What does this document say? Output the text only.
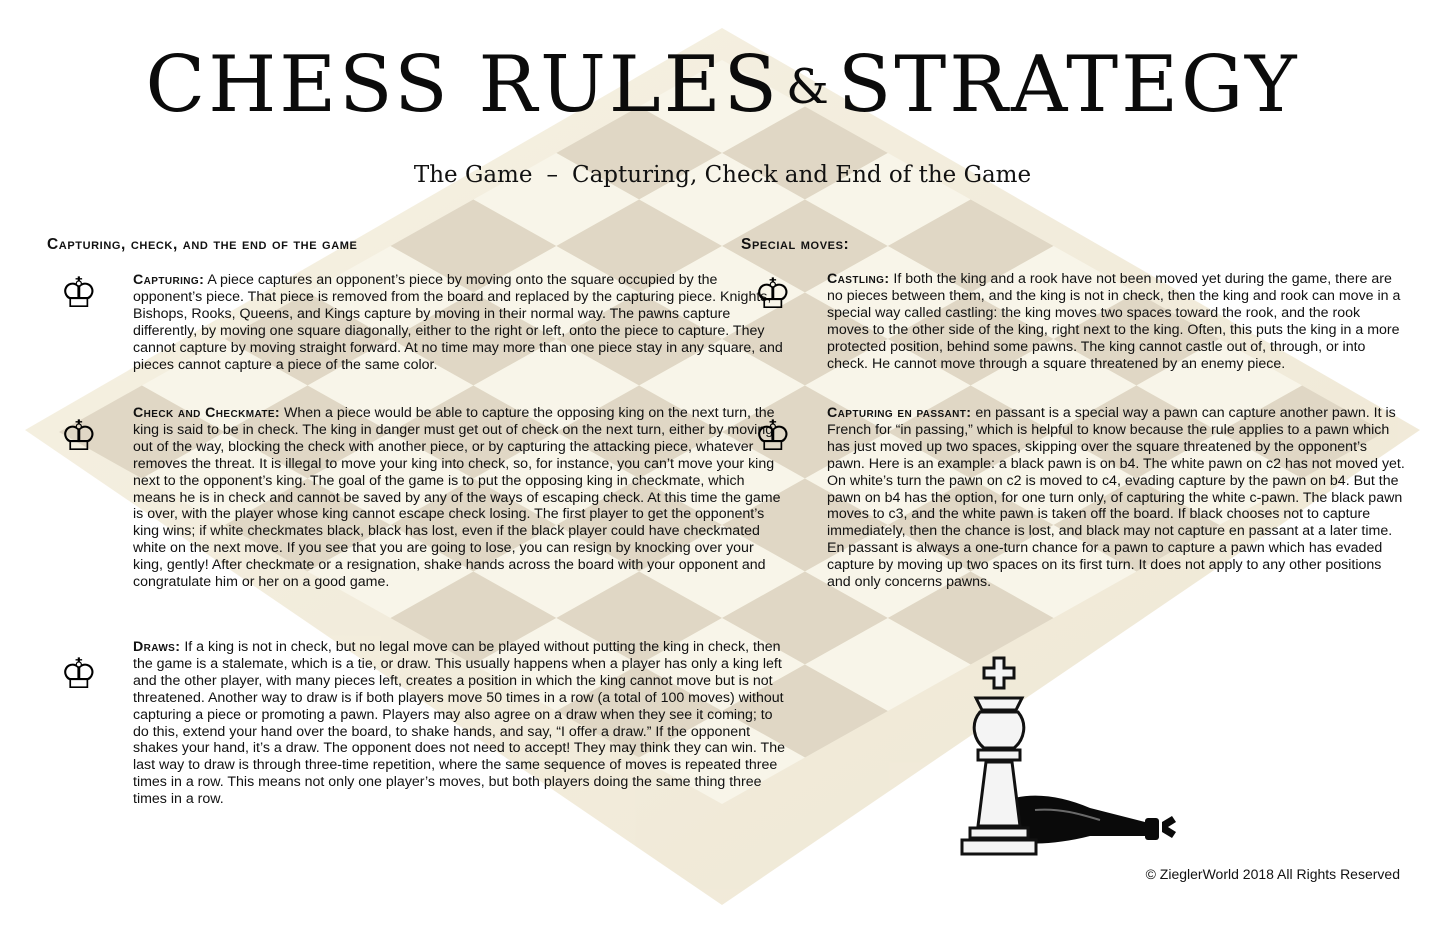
CHESS RULES &STRATEGY
The Game – Capturing, Check and End of the Game
Capturing, check, and the end of the game
♔ Capturing: A piece captures an opponent’s piece by moving onto the square occupied by the opponent’s piece. That piece is removed from the board and replaced by the capturing piece. Knights, Bishops, Rooks, Queens, and Kings capture by moving in their normal way. The pawns capture differently, by moving one square diagonally, either to the right or left, onto the piece to capture. They cannot capture by moving straight forward. At no time may more than one piece stay in any square, and pieces cannot capture a piece of the same color.
♔ Check and Checkmate: When a piece would be able to capture the opposing king on the next turn, the king is said to be in check. The king in danger must get out of check on the next turn, either by moving out of the way, blocking the check with another piece, or by capturing the attacking piece, whatever removes the threat. It is illegal to move your king into check, so, for instance, you can’t move your king next to the opponent’s king. The goal of the game is to put the opposing king in checkmate, which means he is in check and cannot be saved by any of the ways of escaping check. At this time the game is over, with the player whose king cannot escape check losing. The first player to get the opponent’s king wins; if white checkmates black, black has lost, even if the black player could have checkmated white on the next move. If you see that you are going to lose, you can resign by knocking over your king, gently! After checkmate or a resignation, shake hands across the board with your opponent and congratulate him or her on a good game.
♔
Draws: If a king is not in check, but no legal move can be played without putting the king in check, then the game is a stalemate, which is a tie, or draw. This usually happens when a player has only a king left and the other player, with many pieces left, creates a position in which the king cannot move but is not threatened. Another way to draw is if both players move 50 times in a row (a total of 100 moves) without capturing a piece or promoting a pawn. Players may also agree on a draw when they see it coming; to do this, extend your hand over the board, to shake hands, and say, “I offer a draw.” If the opponent shakes your hand, it’s a draw. The opponent does not need to accept! They may think they can win. The last way to draw is through three-time repetition, where the same sequence of moves is repeated three times in a row. This means not only one player’s moves, but both players doing the same thing three times in a row.
Special moves:
♔ Castling: If both the king and a rook have not been moved yet during the game, there are no pieces between them, and the king is not in check, then the king and rook can move in a special way called castling: the king moves two spaces toward the rook, and the rook moves to the other side of the king, right next to the king. Often, this puts the king in a more protected position, behind some pawns. The king cannot castle out of, through, or into check. He cannot move through a square threatened by an enemy piece.
♔ Capturing en passant: en passant is a special way a pawn can capture another pawn. It is French for “in passing,” which is helpful to know because the rule applies to a pawn which has just moved up two spaces, skipping over the square threatened by the opponent’s pawn. Here is an example: a black pawn is on b4. The white pawn on c2 has not moved yet. On white’s turn the pawn on c2 is moved to c4, evading capture by the pawn on b4. But the pawn on b4 has the option, for one turn only, of capturing the white c-pawn. The black pawn moves to c3, and the white pawn is taken off the board. If black chooses not to capture immediately, then the chance is lost, and black may not capture en passant at a later time. En passant is always a one-turn chance for a pawn to capture a pawn which has evaded capture by moving up two spaces on its first turn. It does not apply to any other positions and only concerns pawns.
© ZieglerWorld 2018 All Rights Reserved
